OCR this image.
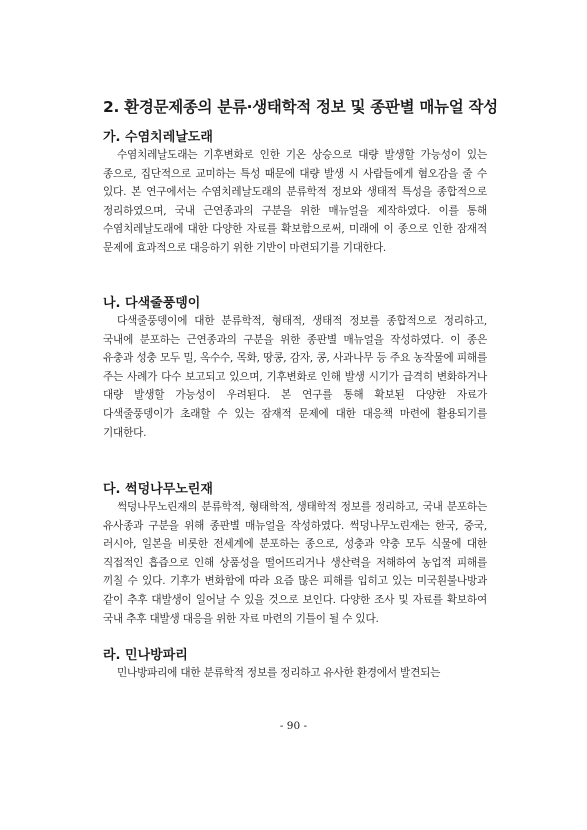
2. 환경문제종의 분류·생태학적 정보 및 종판별 매뉴얼 작성
가. 수염치레날도래

수염치레날도래는 기후변화로 인한 기온 상승으로 대량 발생할 가능성이 있는 종으로, 집단적으로 교미하는 특성 때문에 대량 발생 시 사람들에게 혐오감을 줄 수 있다. 본 연구에서는 수염치레날도래의 분류학적 정보와 생태적 특성을 종합적으로 정리하였으며, 국내 근연종과의 구분을 위한 매뉴얼을 제작하였다. 이를 통해 수염치레날도래에 대한 다양한 자료를 확보함으로써, 미래에 이 종으로 인한 잠재적 문제에 효과적으로 대응하기 위한 기반이 마련되기를 기대한다.

나. 다색줄풍뎅이

다색줄풍뎅이에 대한 분류학적, 형태적, 생태적 정보를 종합적으로 정리하고, 국내에 분포하는 근연종과의 구분을 위한 종판별 매뉴얼을 작성하였다. 이 종은 유충과 성충 모두 밀, 옥수수, 목화, 땅콩, 감자, 콩, 사과나무 등 주요 농작물에 피해를 주는 사례가 다수 보고되고 있으며, 기후변화로 인해 발생 시기가 급격히 변화하거나 대량 발생할 가능성이 우려된다. 본 연구를 통해 확보된 다양한 자료가 다색줄풍뎅이가 초래할 수 있는 잠재적 문제에 대한 대응책 마련에 활용되기를 기대한다.

다. 썩덩나무노린재

썩덩나무노린재의 분류학적, 형태학적, 생태학적 정보를 정리하고, 국내 분포하는 유사종과 구분을 위해 종판별 매뉴얼을 작성하였다. 썩덩나무노린재는 한국, 중국, 러시아, 일본을 비롯한 전세계에 분포하는 종으로, 성충과 약충 모두 식물에 대한 직접적인 흡즙으로 인해 상품성을 떨어뜨리거나 생산력을 저해하여 농업적 피해를 끼칠 수 있다. 기후가 변화함에 따라 요즘 많은 피해를 입히고 있는 미국흰불나방과 같이 추후 대발생이 일어날 수 있을 것으로 보인다. 다양한 조사 및 자료를 확보하여 국내 추후 대발생 대응을 위한 자료 마련의 기틀이 될 수 있다.

라. 민나방파리

민나방파리에 대한 분류학적 정보를 정리하고 유사한 환경에서 발견되는

- 90 -
